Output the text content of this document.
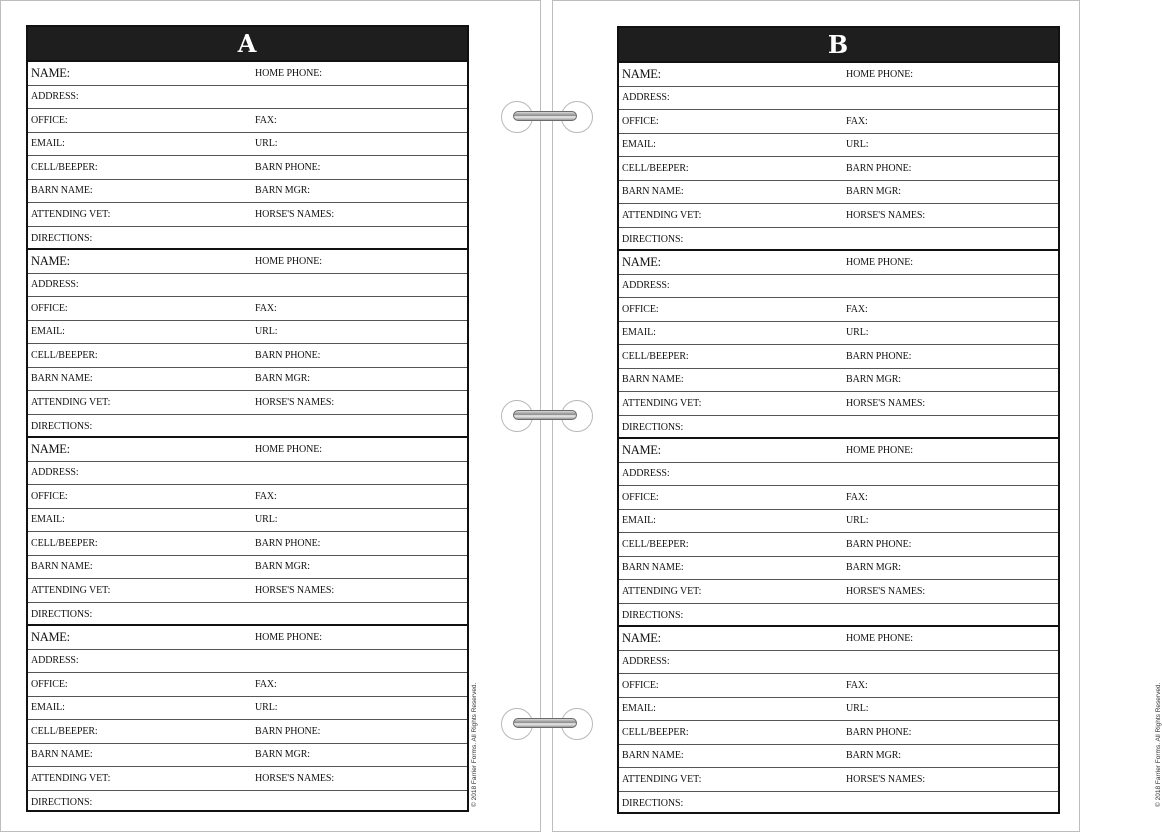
A
NAME:	HOME PHONE:
ADDRESS:
OFFICE:	FAX:
EMAIL:	URL:
CELL/BEEPER:	BARN PHONE:
BARN NAME:	BARN MGR:
ATTENDING VET:	HORSE'S NAMES:
DIRECTIONS:
NAME:	HOME PHONE:
ADDRESS:
OFFICE:	FAX:
EMAIL:	URL:
CELL/BEEPER:	BARN PHONE:
BARN NAME:	BARN MGR:
ATTENDING VET:	HORSE'S NAMES:
DIRECTIONS:
NAME:	HOME PHONE:
ADDRESS:
OFFICE:	FAX:
EMAIL:	URL:
CELL/BEEPER:	BARN PHONE:
BARN NAME:	BARN MGR:
ATTENDING VET:	HORSE'S NAMES:
DIRECTIONS:
NAME:	HOME PHONE:
ADDRESS:
OFFICE:	FAX:
EMAIL:	URL:
CELL/BEEPER:	BARN PHONE:
BARN NAME:	BARN MGR:
ATTENDING VET:	HORSE'S NAMES:
DIRECTIONS:	© 2018 Farrier Forms. All Rights Reserved.
B
NAME:	HOME PHONE:
ADDRESS:
OFFICE:	FAX:
EMAIL:	URL:
CELL/BEEPER:	BARN PHONE:
BARN NAME:	BARN MGR:
ATTENDING VET:	HORSE'S NAMES:
DIRECTIONS:
NAME:	HOME PHONE:
ADDRESS:
OFFICE:	FAX:
EMAIL:	URL:
CELL/BEEPER:	BARN PHONE:
BARN NAME:	BARN MGR:
ATTENDING VET:	HORSE'S NAMES:
DIRECTIONS:
NAME:	HOME PHONE:
ADDRESS:
OFFICE:	FAX:
EMAIL:	URL:
CELL/BEEPER:	BARN PHONE:
BARN NAME:	BARN MGR:
ATTENDING VET:	HORSE'S NAMES:
DIRECTIONS:
NAME:	HOME PHONE:
ADDRESS:
OFFICE:	FAX:
EMAIL:	URL:
CELL/BEEPER:	BARN PHONE:
BARN NAME:	BARN MGR:
ATTENDING VET:	HORSE'S NAMES:
DIRECTIONS:	© 2018 Farrier Forms. All Rights Reserved.
